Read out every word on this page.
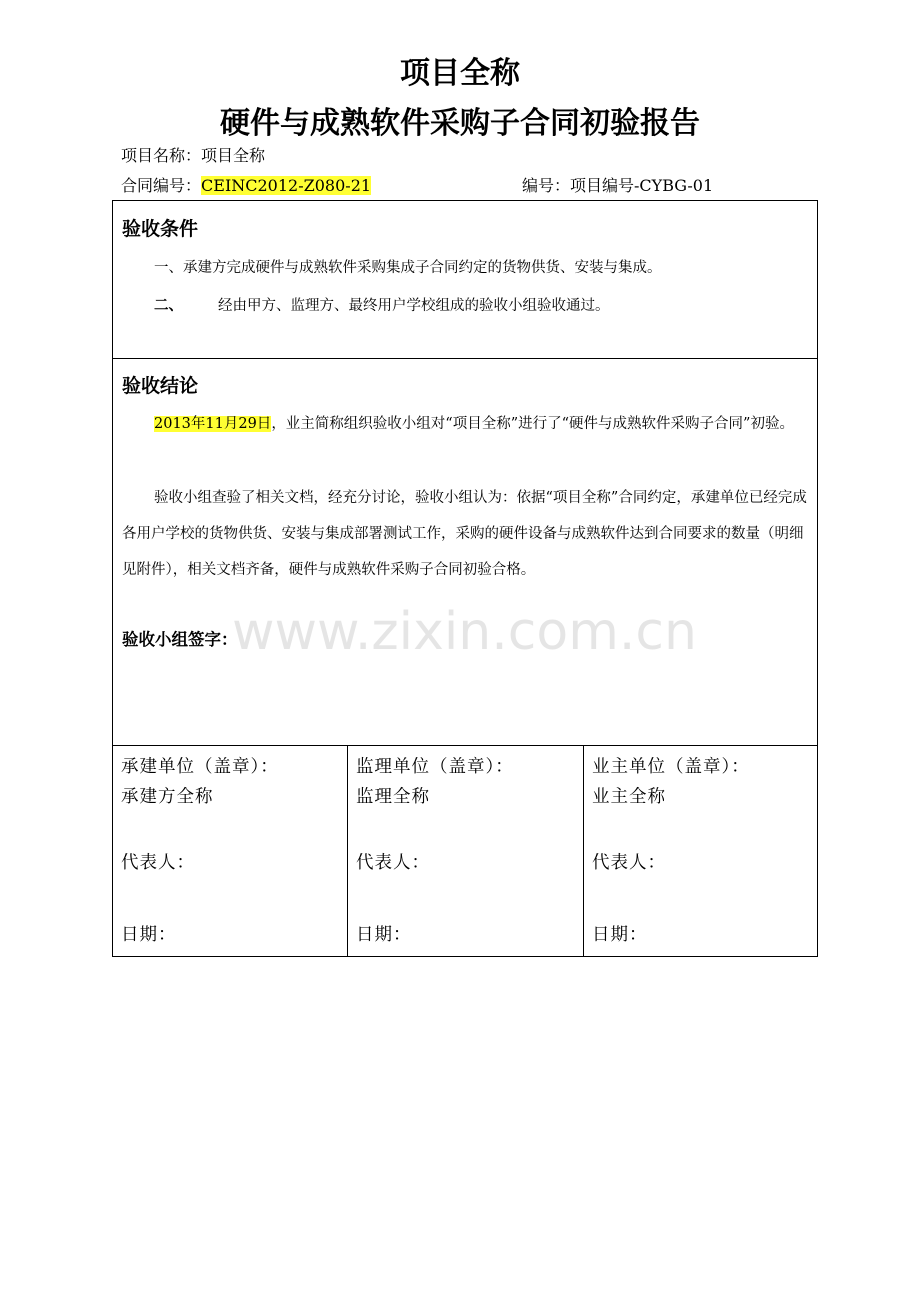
项目全称
硬件与成熟软件采购子合同初验报告
项目名称：项目全称
合同编号：CEINC2012-Z080-21	编号：项目编号-CYBG-01
验收条件
一、承建方完成硬件与成熟软件采购集成子合同约定的货物供货、安装与集成。
二、 经由甲方、监理方、最终用户学校组成的验收小组验收通过。
验收结论
2013年11月29日，业主简称组织验收小组对“项目全称”进行了“硬件与成熟软件采购子合同”初验。
验收小组查验了相关文档，经充分讨论，验收小组认为：依据“项目全称”合同约定，承建单位已经完成各用户学校的货物供货、安装与集成部署测试工作，采购的硬件设备与成熟软件达到合同要求的数量（明细见附件），相关文档齐备，硬件与成熟软件采购子合同初验合格。
验收小组签字：
承建单位（盖章）：
承建方全称
代表人：
日期：
监理单位（盖章）：
监理全称
代表人：
日期：
业主单位（盖章）：
业主全称
代表人：
日期：
www.zixin.com.cn
